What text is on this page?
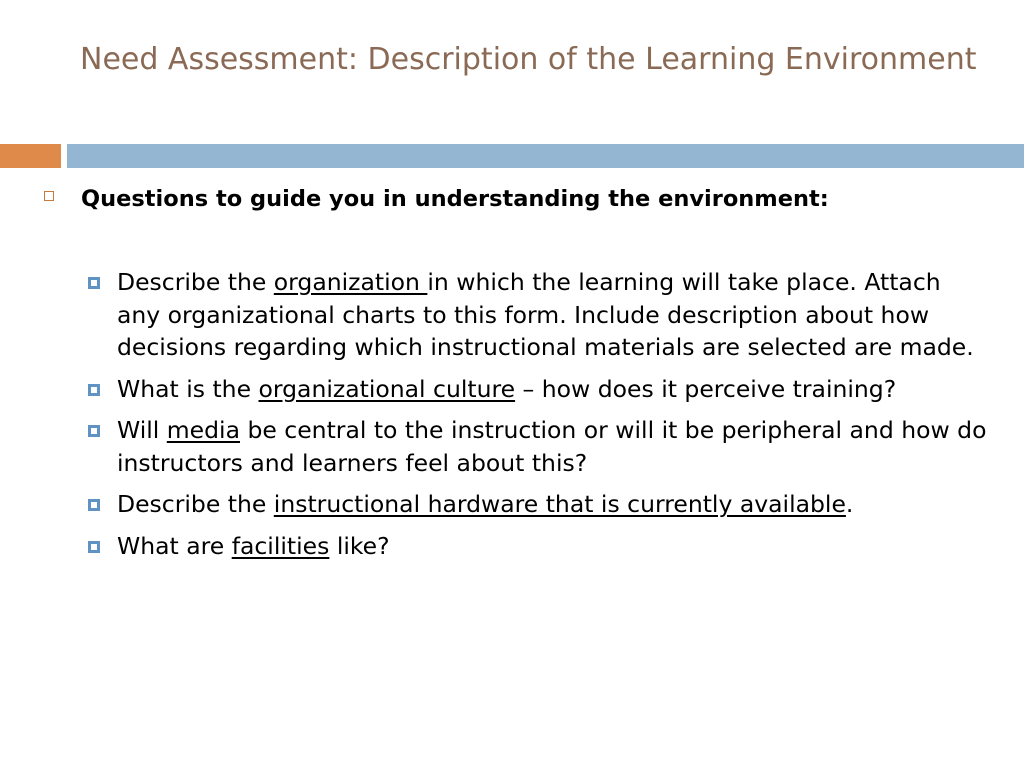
Need Assessment: Description of the Learning Environment
Questions to guide you in understanding the environment:
Describe the organization in which the learning will take place. Attach any organizational charts to this form. Include description about how decisions regarding which instructional materials are selected are made.
What is the organizational culture – how does it perceive training?
Will media be central to the instruction or will it be peripheral and how do instructors and learners feel about this?
Describe the instructional hardware that is currently available.
What are facilities like?
